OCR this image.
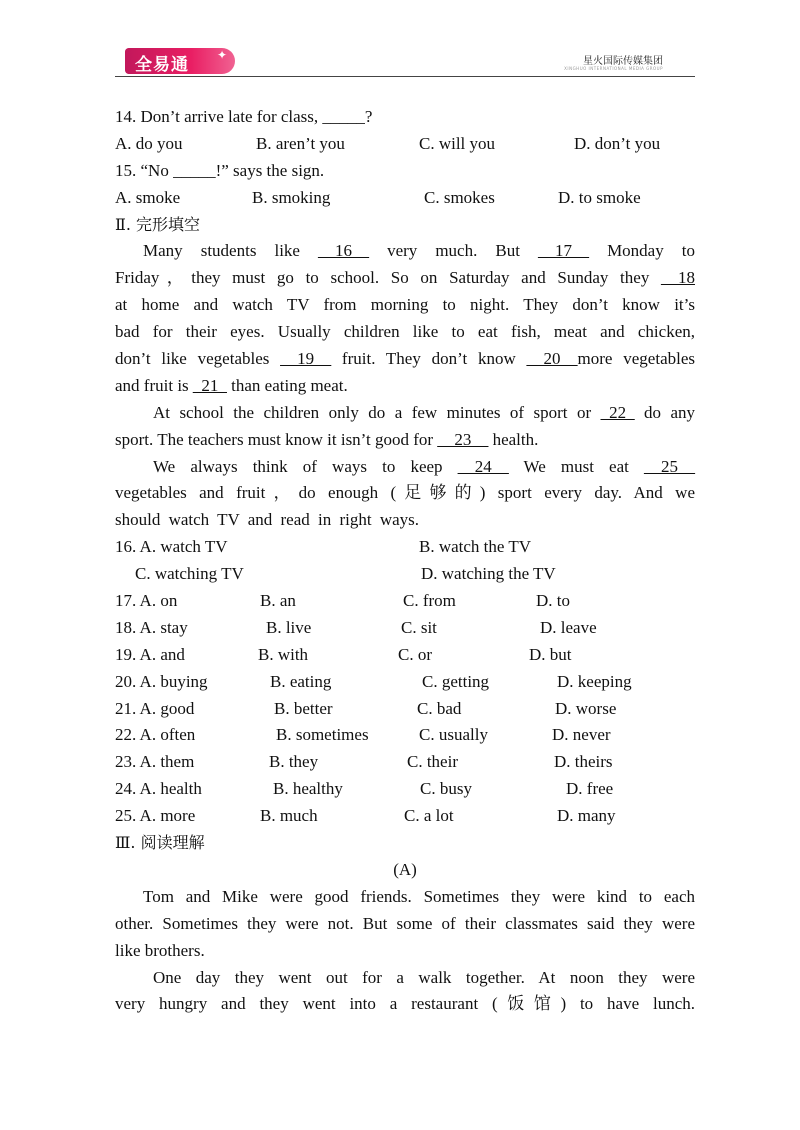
全易通 ✦	星火国际传媒集团
XINGHUO INTERNATIONAL MEDIA GROUP
14. Don’t arrive late for class, _____?
A. do you	B. aren’t you	C. will you	D. don’t you
15. “No _____!” says the sign.
A. smoke	B. smoking	C. smokes	D. to smoke
Ⅱ. 完形填空
Many students like __16__ very much. But __17__ Monday to
Friday，they must go to school. So on Saturday and Sunday they __18
at home and watch TV from morning to night. They don’t know it’s
bad for their eyes. Usually children like to eat fish, meat and chicken,
don’t like vegetables __19__ fruit. They don’t know __20__more vegetables
and fruit is _21_ than eating meat.
At school the children only do a few minutes of sport or _22_ do any
sport. The teachers must know it isn’t good for __23__ health.
We always think of ways to keep __24__ We must eat __25__
vegetables and fruit，do enough (足够的) sport every day. And we
should watch TV and read in right ways.
16. A. watch TV	B. watch the TV
C. watching TV	D. watching the TV
17. A. on	B. an	C. from	D. to
18. A. stay	B. live	C. sit	D. leave
19. A. and	B. with	C. or	D. but
20. A. buying	B. eating	C. getting	D. keeping
21. A. good	B. better	C. bad	D. worse
22. A. often	B. sometimes	C. usually	D. never
23. A. them	B. they	C. their	D. theirs
24. A. health	B. healthy	C. busy	D. free
25. A. more	B. much	C. a lot	D. many
Ⅲ. 阅读理解
(A)
Tom and Mike were good friends. Sometimes they were kind to each
other. Sometimes they were not. But some of their classmates said they were
like brothers.
One day they went out for a walk together. At noon they were
very hungry and they went into a restaurant (饭馆) to have lunch.
